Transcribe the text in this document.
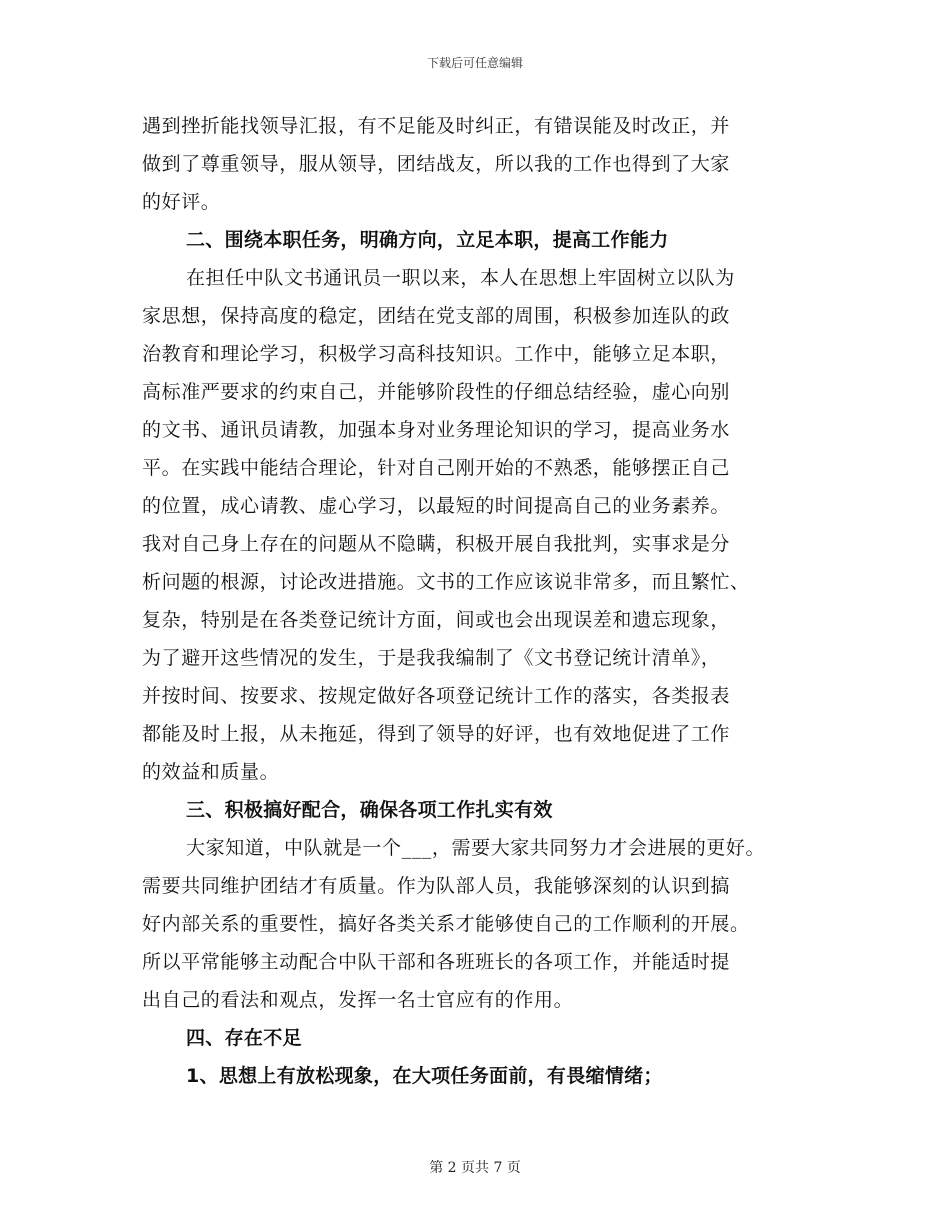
下载后可任意编辑
遇到挫折能找领导汇报，有不足能及时纠正，有错误能及时改正，并
做到了尊重领导，服从领导，团结战友，所以我的工作也得到了大家
的好评。
二、围绕本职任务，明确方向，立足本职，提高工作能力
在担任中队文书通讯员一职以来，本人在思想上牢固树立以队为
家思想，保持高度的稳定，团结在党支部的周围，积极参加连队的政
治教育和理论学习，积极学习高科技知识。工作中，能够立足本职，
高标准严要求的约束自己，并能够阶段性的仔细总结经验，虚心向别
的文书、通讯员请教，加强本身对业务理论知识的学习，提高业务水
平。在实践中能结合理论，针对自己刚开始的不熟悉，能够摆正自己
的位置，成心请教、虚心学习，以最短的时间提高自己的业务素养。
我对自己身上存在的问题从不隐瞒，积极开展自我批判，实事求是分
析问题的根源，讨论改进措施。文书的工作应该说非常多，而且繁忙、
复杂，特别是在各类登记统计方面，间或也会出现误差和遗忘现象，
为了避开这些情况的发生，于是我我编制了《文书登记统计清单》，
并按时间、按要求、按规定做好各项登记统计工作的落实，各类报表
都能及时上报，从未拖延，得到了领导的好评，也有效地促进了工作
的效益和质量。
三、积极搞好配合，确保各项工作扎实有效
大家知道，中队就是一个___，需要大家共同努力才会进展的更好。
需要共同维护团结才有质量。作为队部人员，我能够深刻的认识到搞
好内部关系的重要性，搞好各类关系才能够使自己的工作顺利的开展。
所以平常能够主动配合中队干部和各班班长的各项工作，并能适时提
出自己的看法和观点，发挥一名士官应有的作用。
四、存在不足
1、思想上有放松现象，在大项任务面前，有畏缩情绪；
第 2 页共 7 页
